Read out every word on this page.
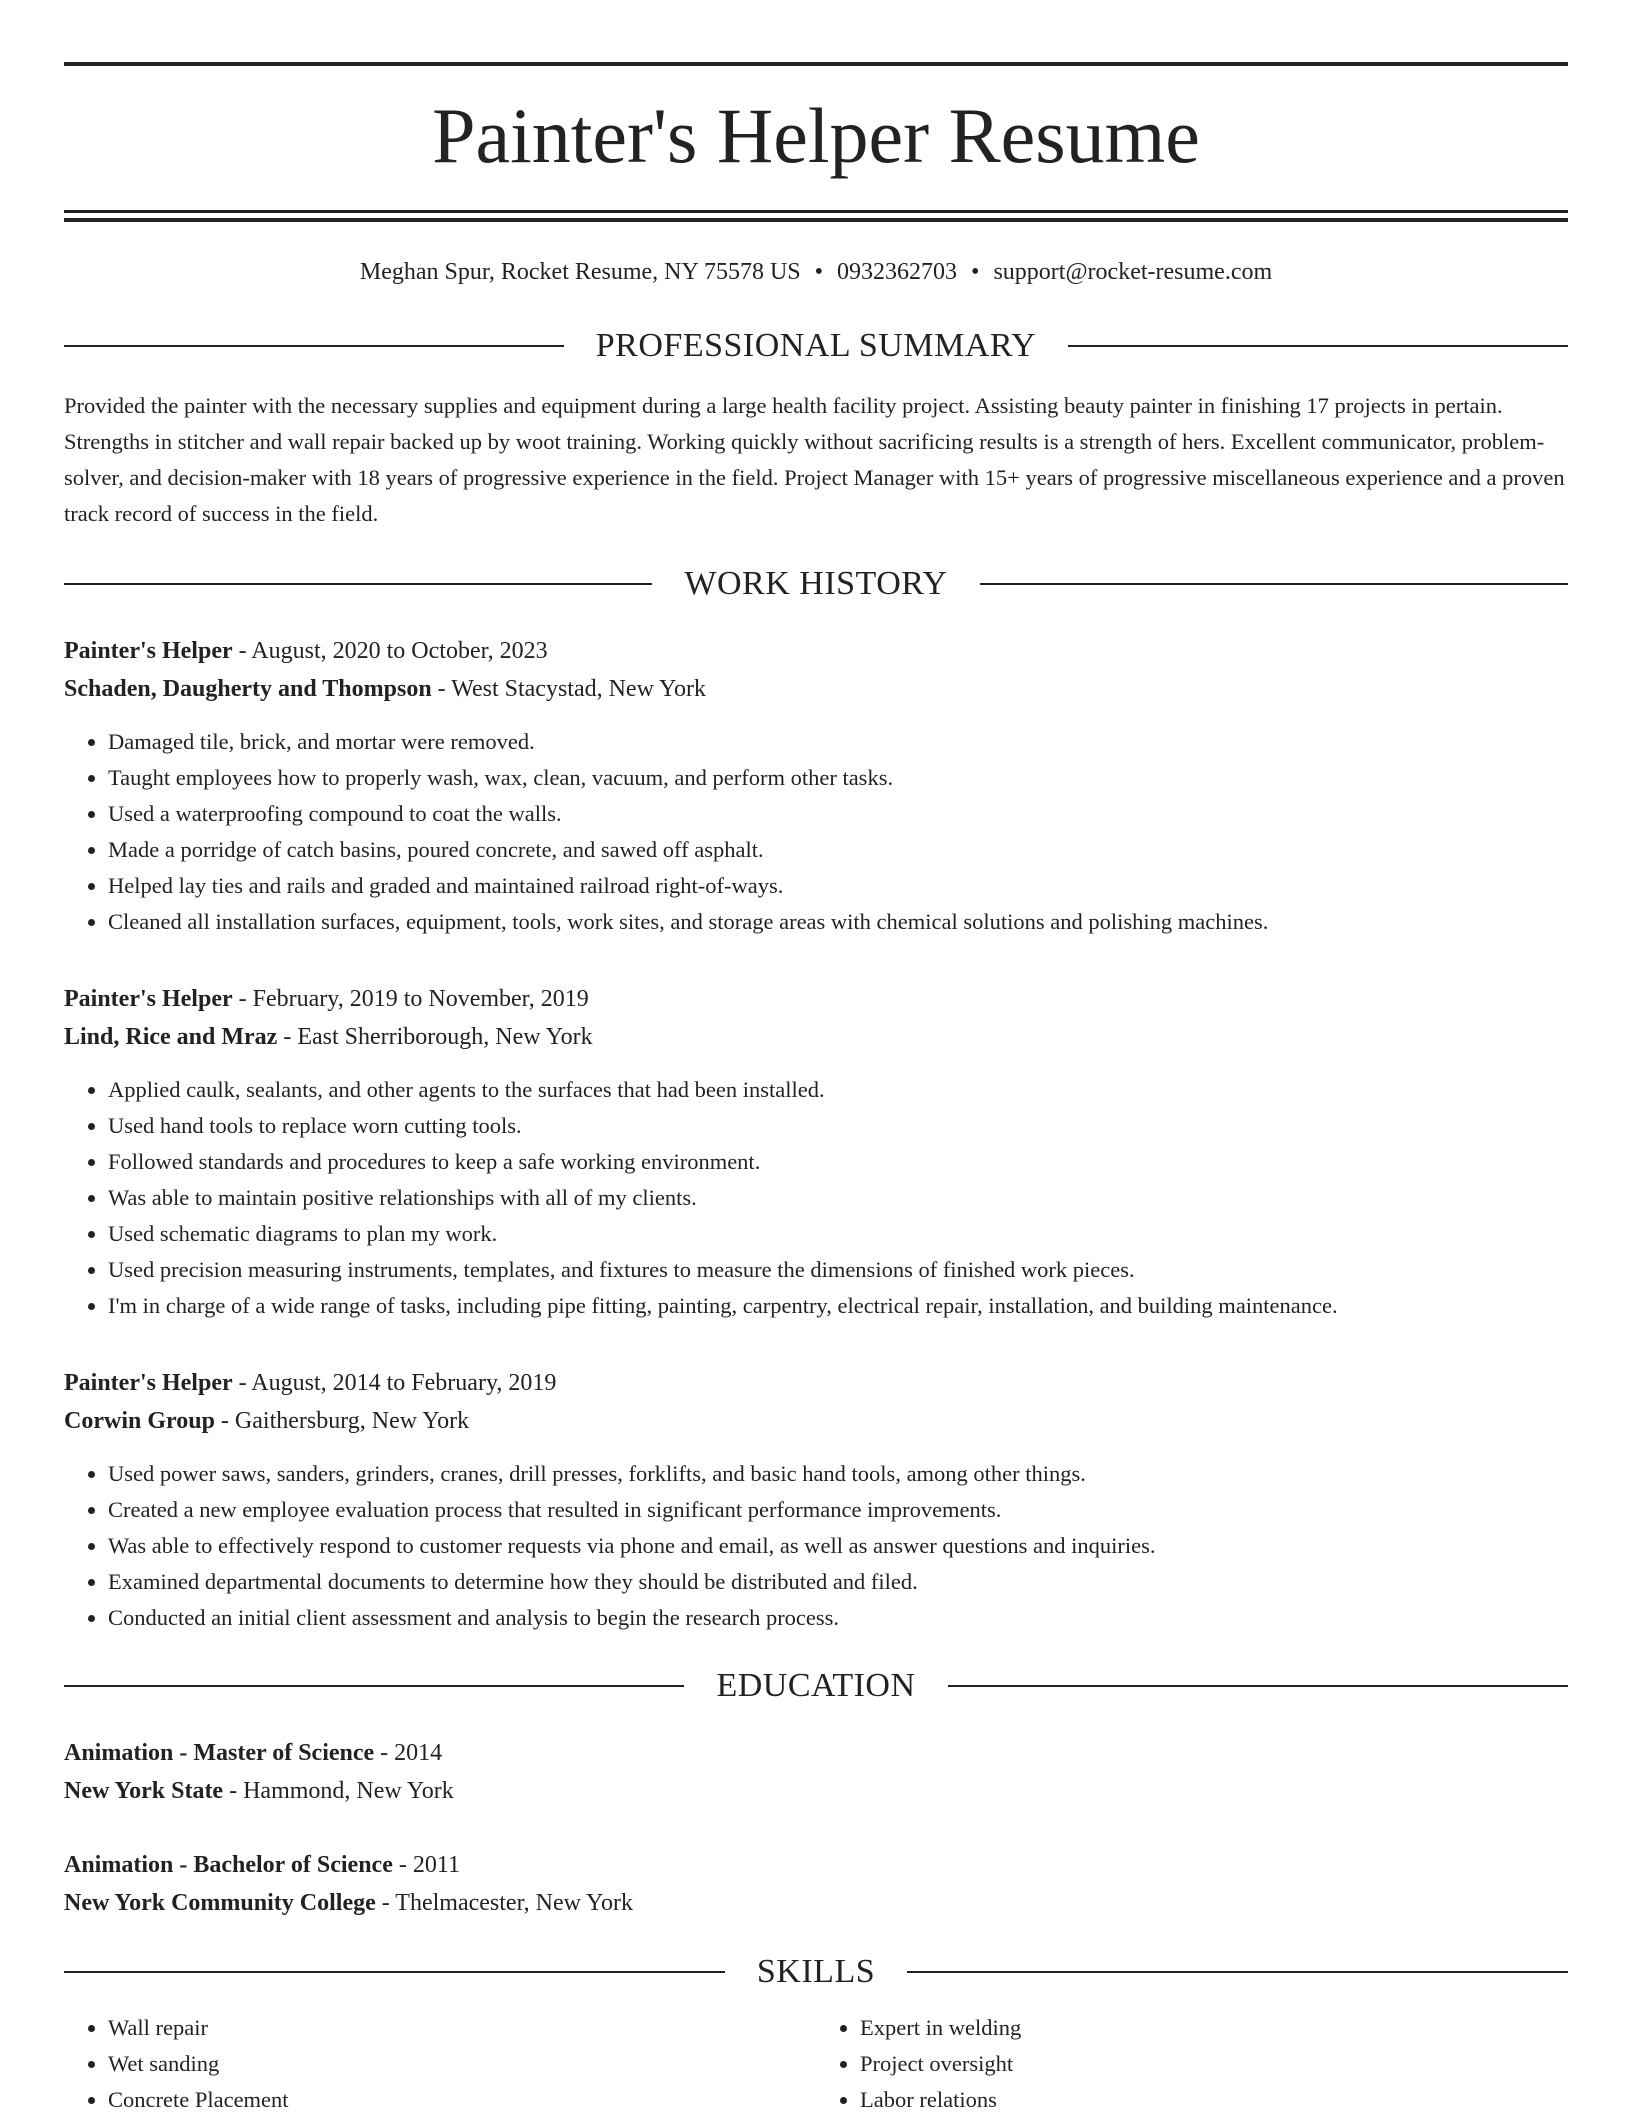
Painter's Helper Resume
Meghan Spur, Rocket Resume, NY 75578 US • 0932362703 • support@rocket-resume.com
PROFESSIONAL SUMMARY
Provided the painter with the necessary supplies and equipment during a large health facility project. Assisting beauty painter in finishing 17 projects in pertain. Strengths in stitcher and wall repair backed up by woot training. Working quickly without sacrificing results is a strength of hers. Excellent communicator, problem-solver, and decision-maker with 18 years of progressive experience in the field. Project Manager with 15+ years of progressive miscellaneous experience and a proven track record of success in the field.
WORK HISTORY
Painter's Helper - August, 2020 to October, 2023
Schaden, Daugherty and Thompson - West Stacystad, New York
• Damaged tile, brick, and mortar were removed.
• Taught employees how to properly wash, wax, clean, vacuum, and perform other tasks.
• Used a waterproofing compound to coat the walls.
• Made a porridge of catch basins, poured concrete, and sawed off asphalt.
• Helped lay ties and rails and graded and maintained railroad right-of-ways.
• Cleaned all installation surfaces, equipment, tools, work sites, and storage areas with chemical solutions and polishing machines.
Painter's Helper - February, 2019 to November, 2019
Lind, Rice and Mraz - East Sherriborough, New York
• Applied caulk, sealants, and other agents to the surfaces that had been installed.
• Used hand tools to replace worn cutting tools.
• Followed standards and procedures to keep a safe working environment.
• Was able to maintain positive relationships with all of my clients.
• Used schematic diagrams to plan my work.
• Used precision measuring instruments, templates, and fixtures to measure the dimensions of finished work pieces.
• I'm in charge of a wide range of tasks, including pipe fitting, painting, carpentry, electrical repair, installation, and building maintenance.
Painter's Helper - August, 2014 to February, 2019
Corwin Group - Gaithersburg, New York
• Used power saws, sanders, grinders, cranes, drill presses, forklifts, and basic hand tools, among other things.
• Created a new employee evaluation process that resulted in significant performance improvements.
• Was able to effectively respond to customer requests via phone and email, as well as answer questions and inquiries.
• Examined departmental documents to determine how they should be distributed and filed.
• Conducted an initial client assessment and analysis to begin the research process.
EDUCATION
Animation - Master of Science - 2014
New York State - Hammond, New York
Animation - Bachelor of Science - 2011
New York Community College - Thelmacester, New York
SKILLS
• Wall repair
• Wet sanding
• Concrete Placement
• Expert in welding
• Project oversight
• Labor relations
